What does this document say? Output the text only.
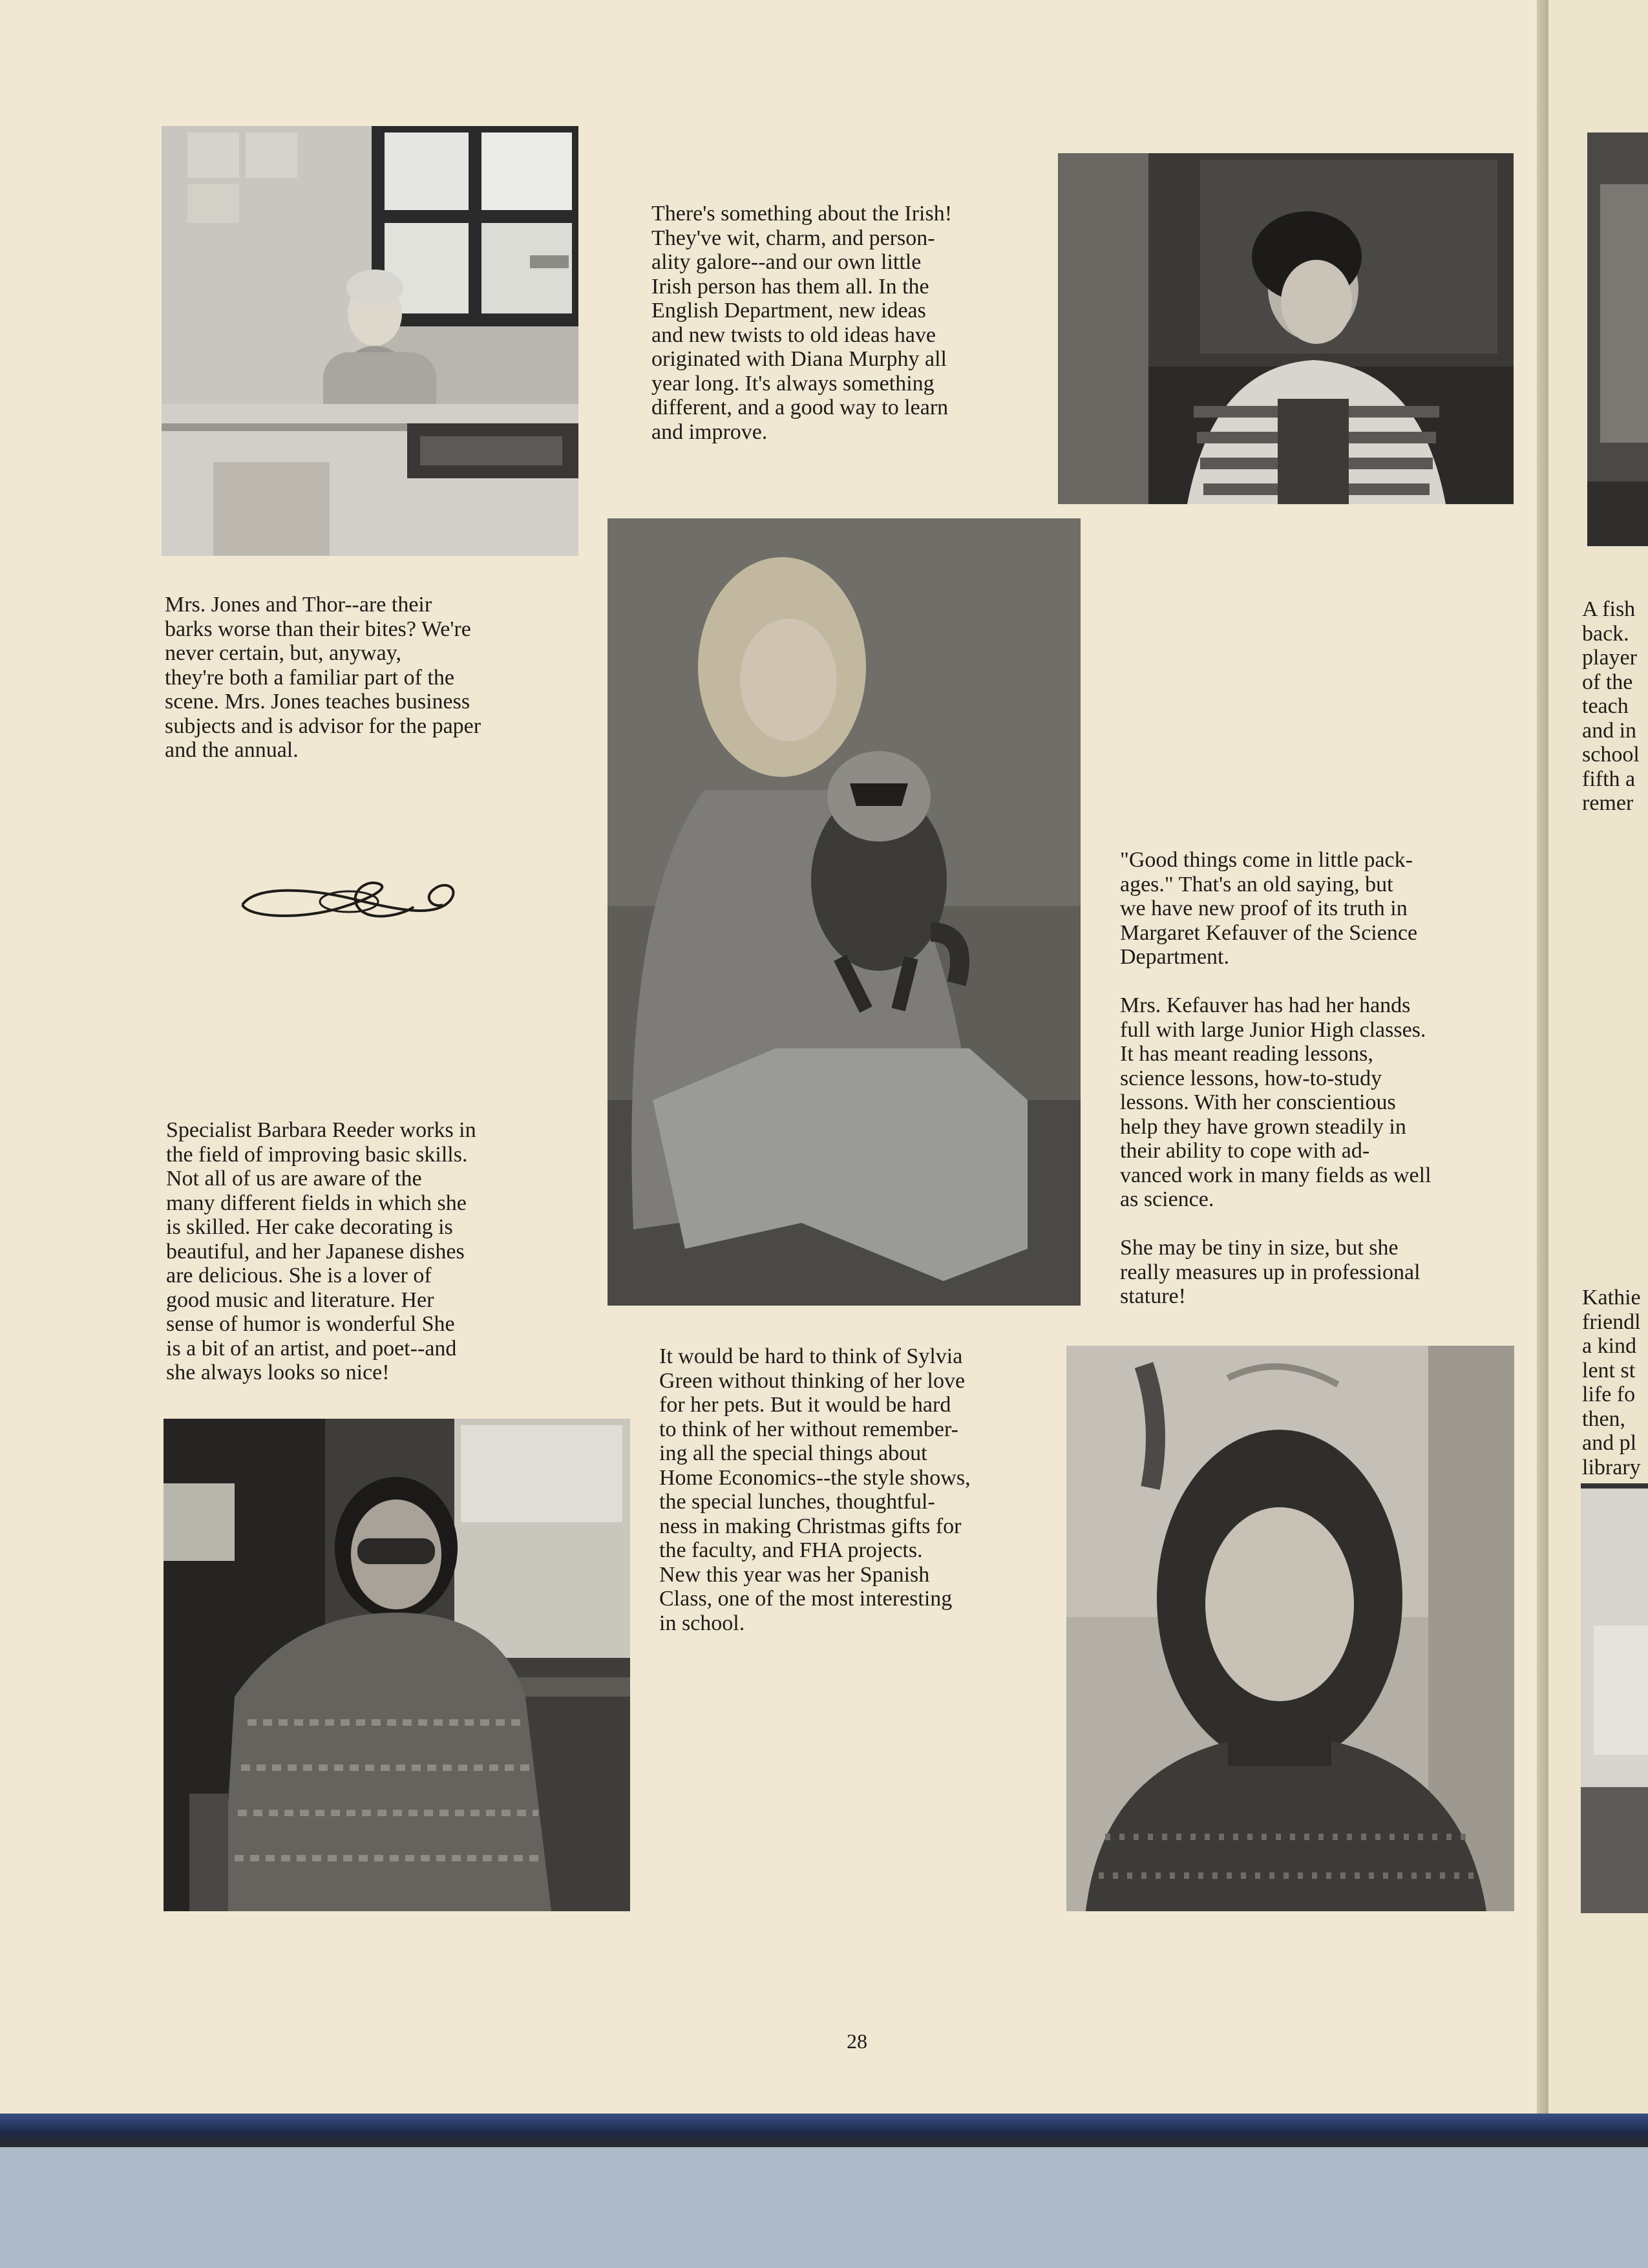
There's something about the Irish!
They've wit, charm, and person-
ality galore--and our own little
Irish person has them all. In the
English Department, new ideas
and new twists to old ideas have
originated with Diana Murphy all
year long. It's always something
different, and a good way to learn
and improve.

Mrs. Jones and Thor--are their
barks worse than their bites? We're
never certain, but, anyway,
they're both a familiar part of the
scene. Mrs. Jones teaches business
subjects and is advisor for the paper
and the annual.

"Good things come in little pack-
ages." That's an old saying, but
we have new proof of its truth in
Margaret Kefauver of the Science
Department.

Mrs. Kefauver has had her hands
full with large Junior High classes.
It has meant reading lessons,
science lessons, how-to-study
lessons. With her conscientious
help they have grown steadily in
their ability to cope with ad-
vanced work in many fields as well
as science.

She may be tiny in size, but she
really measures up in professional
stature!

Specialist Barbara Reeder works in
the field of improving basic skills.
Not all of us are aware of the
many different fields in which she
is skilled. Her cake decorating is
beautiful, and her Japanese dishes
are delicious. She is a lover of
good music and literature. Her
sense of humor is wonderful She
is a bit of an artist, and poet--and
she always looks so nice!

It would be hard to think of Sylvia
Green without thinking of her love
for her pets. But it would be hard
to think of her without remember-
ing all the special things about
Home Economics--the style shows,
the special lunches, thoughtful-
ness in making Christmas gifts for
the faculty, and FHA projects.
New this year was her Spanish
Class, one of the most interesting
in school.

28

A fish
back.
player
of the
teach
and in
school
fifth a
remer

Kathie
friendl
a kind
lent st
life fo
then,
and pl
library
